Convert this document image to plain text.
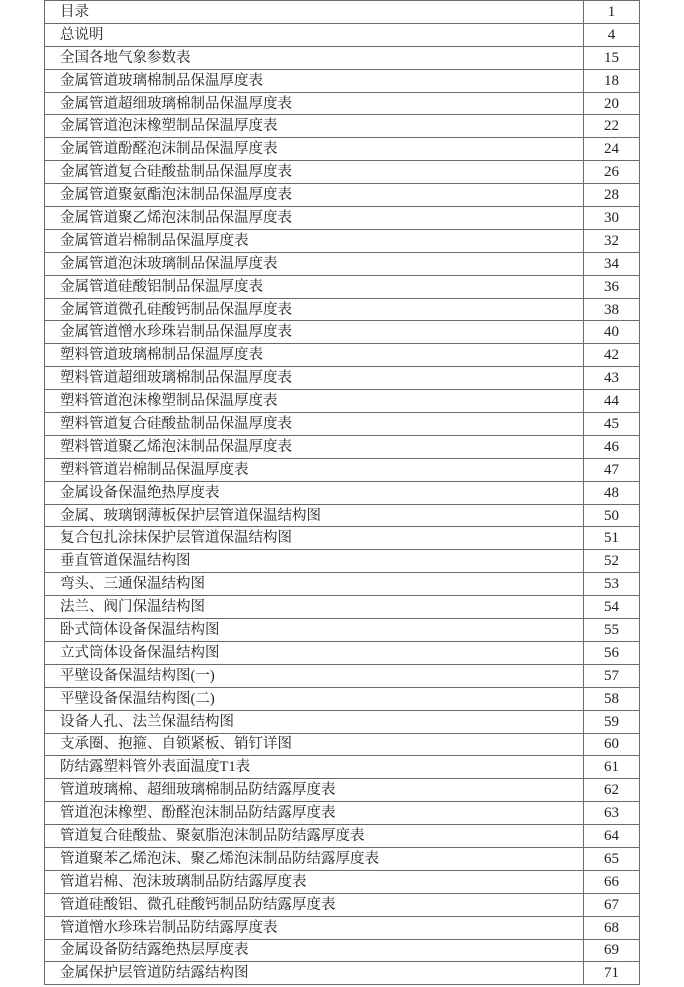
目录	1
总说明	4
全国各地气象参数表	15
金属管道玻璃棉制品保温厚度表	18
金属管道超细玻璃棉制品保温厚度表	20
金属管道泡沫橡塑制品保温厚度表	22
金属管道酚醛泡沫制品保温厚度表	24
金属管道复合硅酸盐制品保温厚度表	26
金属管道聚氨酯泡沫制品保温厚度表	28
金属管道聚乙烯泡沫制品保温厚度表	30
金属管道岩棉制品保温厚度表	32
金属管道泡沫玻璃制品保温厚度表	34
金属管道硅酸铝制品保温厚度表	36
金属管道微孔硅酸钙制品保温厚度表	38
金属管道憎水珍珠岩制品保温厚度表	40
塑料管道玻璃棉制品保温厚度表	42
塑料管道超细玻璃棉制品保温厚度表	43
塑料管道泡沫橡塑制品保温厚度表	44
塑料管道复合硅酸盐制品保温厚度表	45
塑料管道聚乙烯泡沫制品保温厚度表	46
塑料管道岩棉制品保温厚度表	47
金属设备保温绝热厚度表	48
金属、玻璃钢薄板保护层管道保温结构图	50
复合包扎涂抹保护层管道保温结构图	51
垂直管道保温结构图	52
弯头、三通保温结构图	53
法兰、阀门保温结构图	54
卧式筒体设备保温结构图	55
立式筒体设备保温结构图	56
平壁设备保温结构图(一)	57
平壁设备保温结构图(二)	58
设备人孔、法兰保温结构图	59
支承圈、抱箍、自锁紧板、销钉详图	60
防结露塑料管外表面温度T1表	61
管道玻璃棉、超细玻璃棉制品防结露厚度表	62
管道泡沫橡塑、酚醛泡沫制品防结露厚度表	63
管道复合硅酸盐、聚氨脂泡沫制品防结露厚度表	64
管道聚苯乙烯泡沫、聚乙烯泡沫制品防结露厚度表	65
管道岩棉、泡沫玻璃制品防结露厚度表	66
管道硅酸铝、微孔硅酸钙制品防结露厚度表	67
管道憎水珍珠岩制品防结露厚度表	68
金属设备防结露绝热层厚度表	69
金属保护层管道防结露结构图	71
